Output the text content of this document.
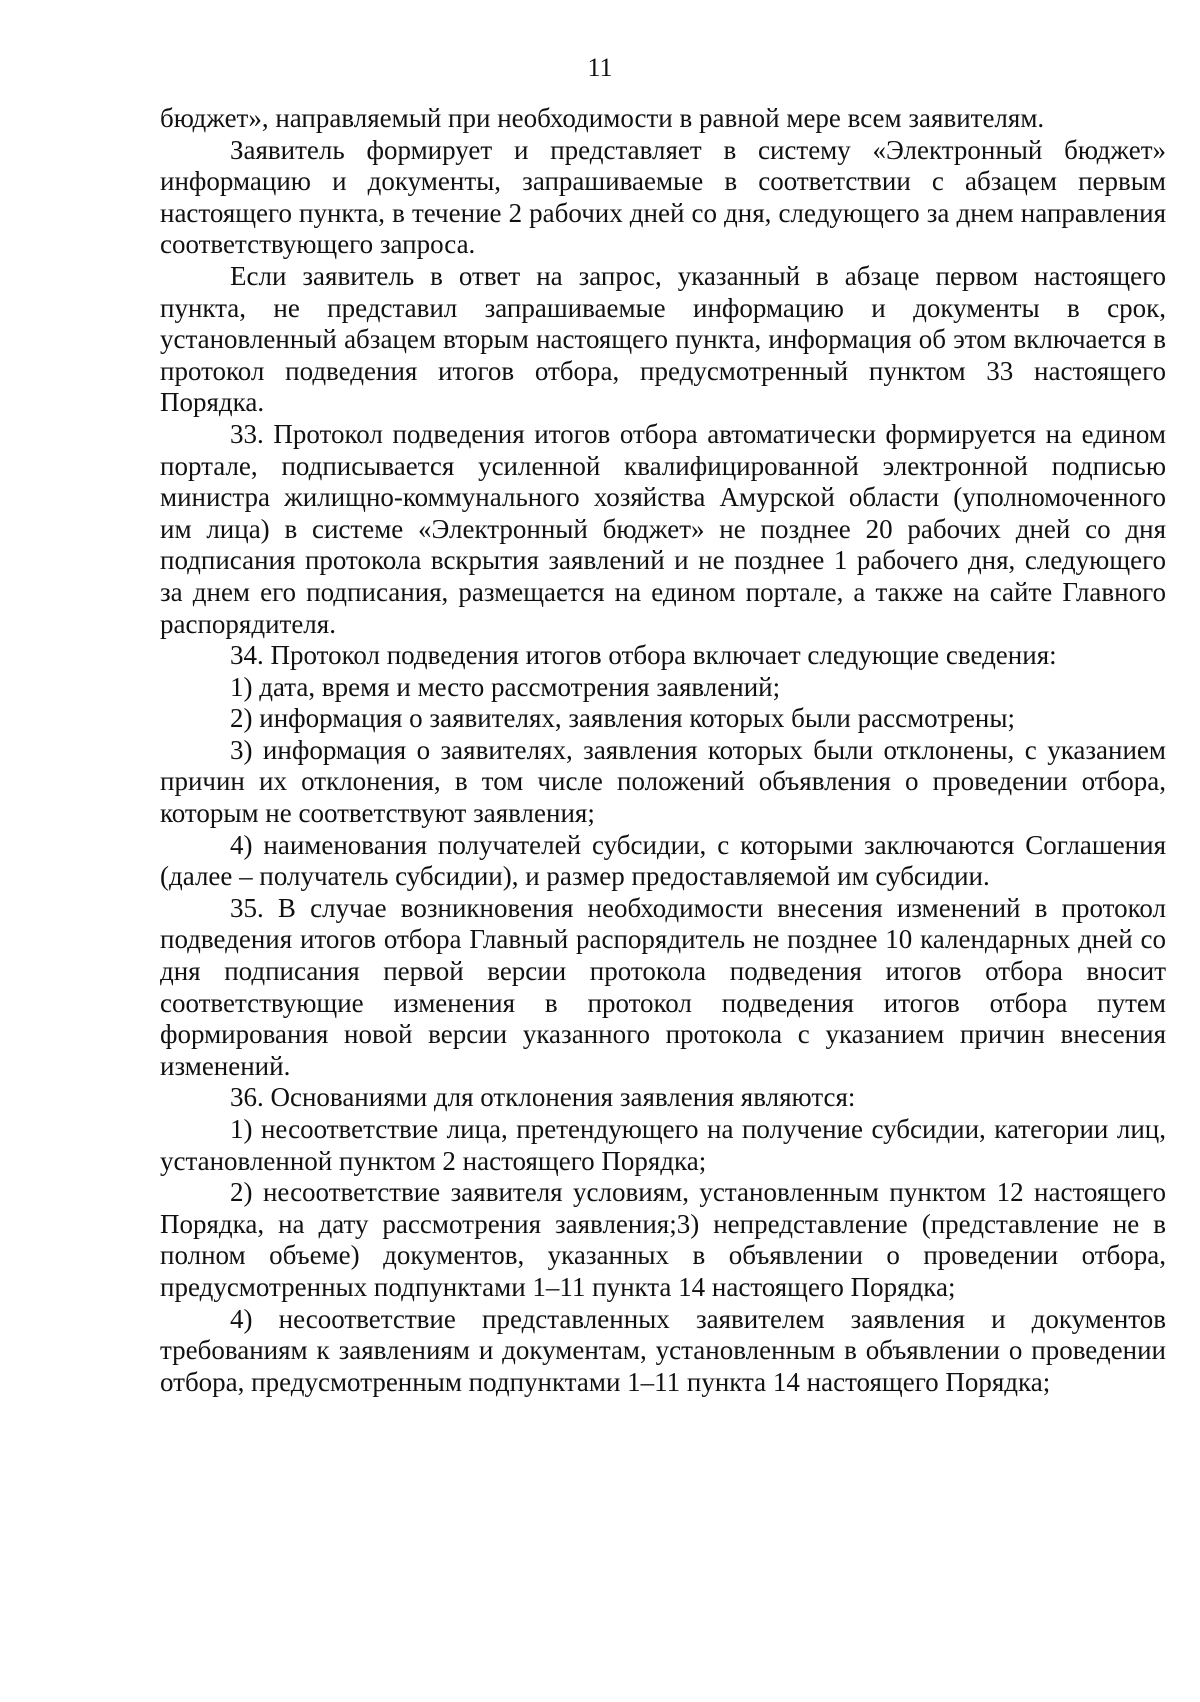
11

бюджет», направляемый при необходимости в равной мере всем заявителям.

Заявитель формирует и представляет в систему «Электронный бюджет» информацию и документы, запрашиваемые в соответствии с абзацем первым настоящего пункта, в течение 2 рабочих дней со дня, следующего за днем направления соответствующего запроса.

Если заявитель в ответ на запрос, указанный в абзаце первом настоящего пункта, не представил запрашиваемые информацию и документы в срок, установленный абзацем вторым настоящего пункта, информация об этом включается в протокол подведения итогов отбора, предусмотренный пунктом 33 настоящего Порядка.

33. Протокол подведения итогов отбора автоматически формируется на едином портале, подписывается усиленной квалифицированной электронной подписью министра жилищно-коммунального хозяйства Амурской области (уполномоченного им лица) в системе «Электронный бюджет» не позднее 20 рабочих дней со дня подписания протокола вскрытия заявлений и не позднее 1 рабочего дня, следующего за днем его подписания, размещается на едином портале, а также на сайте Главного распорядителя.

34. Протокол подведения итогов отбора включает следующие сведения:

1) дата, время и место рассмотрения заявлений;

2) информация о заявителях, заявления которых были рассмотрены;

3) информация о заявителях, заявления которых были отклонены, с указанием причин их отклонения, в том числе положений объявления о проведении отбора, которым не соответствуют заявления;

4) наименования получателей субсидии, с которыми заключаются Соглашения (далее – получатель субсидии), и размер предоставляемой им субсидии.

35. В случае возникновения необходимости внесения изменений в протокол подведения итогов отбора Главный распорядитель не позднее 10 календарных дней со дня подписания первой версии протокола подведения итогов отбора вносит соответствующие изменения в протокол подведения итогов отбора путем формирования новой версии указанного протокола с указанием причин внесения изменений.

36. Основаниями для отклонения заявления являются:

1) несоответствие лица, претендующего на получение субсидии, категории лиц, установленной пунктом 2 настоящего Порядка;

2) несоответствие заявителя условиям, установленным пунктом 12 настоящего Порядка, на дату рассмотрения заявления;3) непредставление (представление не в полном объеме) документов, указанных в объявлении о проведении отбора, предусмотренных подпунктами 1–11 пункта 14 настоящего Порядка;

4) несоответствие представленных заявителем заявления и документов требованиям к заявлениям и документам, установленным в объявлении о проведении отбора, предусмотренным подпунктами 1–11 пункта 14 настоящего Порядка;
